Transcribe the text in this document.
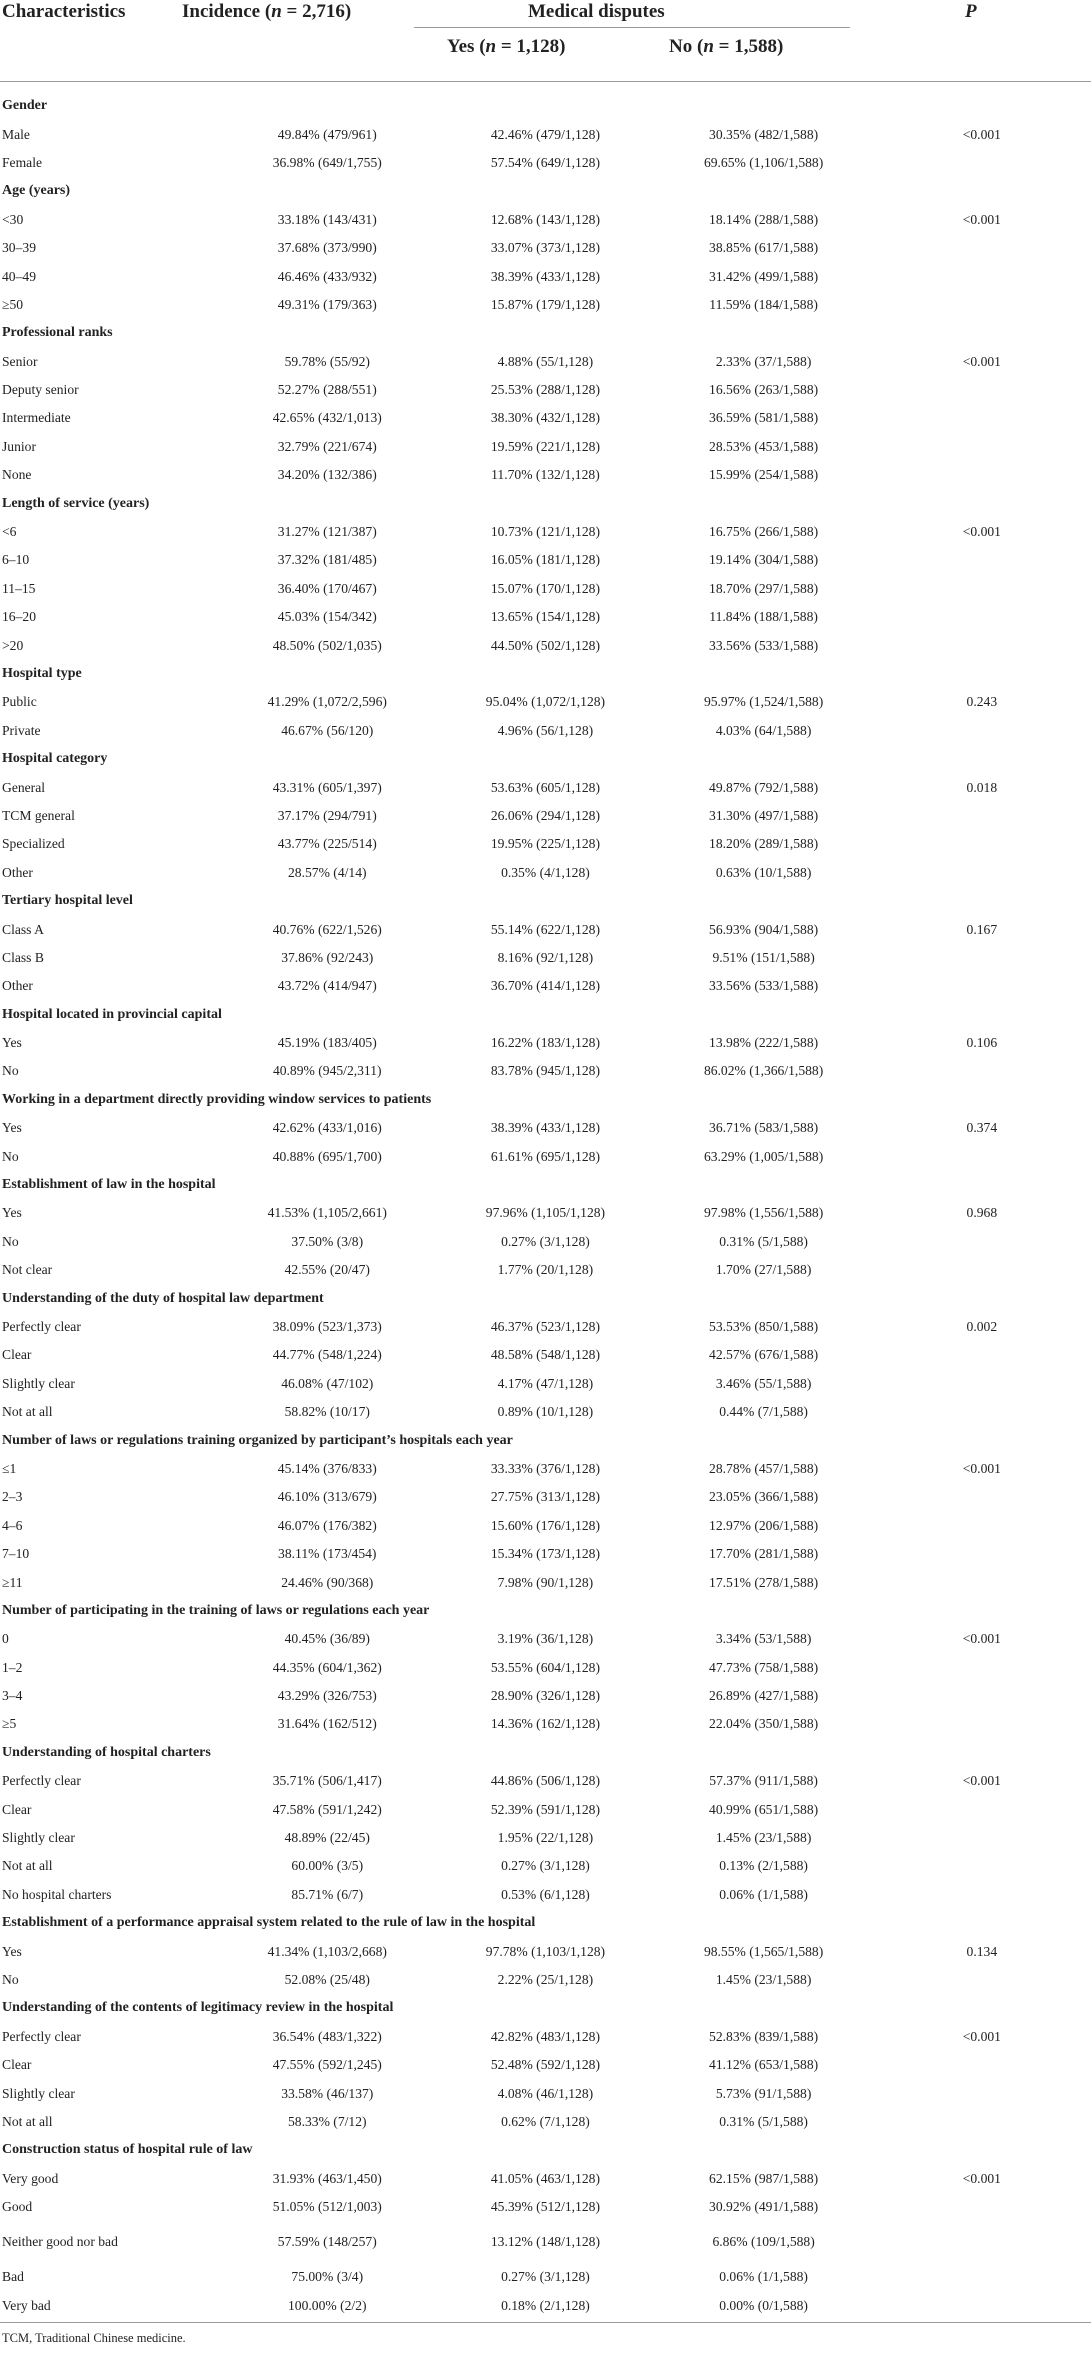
Characteristics	Incidence (n = 2,716)	Medical disputes
Yes (n = 1,128)	No (n = 1,588)
P
Gender				
Male	49.84% (479/961)	42.46% (479/1,128)	30.35% (482/1,588)	<0.001
Female	36.98% (649/1,755)	57.54% (649/1,128)	69.65% (1,106/1,588)	
Age (years)				
<30	33.18% (143/431)	12.68% (143/1,128)	18.14% (288/1,588)	<0.001
30–39	37.68% (373/990)	33.07% (373/1,128)	38.85% (617/1,588)	
40–49	46.46% (433/932)	38.39% (433/1,128)	31.42% (499/1,588)	
≥50	49.31% (179/363)	15.87% (179/1,128)	11.59% (184/1,588)	
Professional ranks				
Senior	59.78% (55/92)	4.88% (55/1,128)	2.33% (37/1,588)	<0.001
Deputy senior	52.27% (288/551)	25.53% (288/1,128)	16.56% (263/1,588)	
Intermediate	42.65% (432/1,013)	38.30% (432/1,128)	36.59% (581/1,588)	
Junior	32.79% (221/674)	19.59% (221/1,128)	28.53% (453/1,588)	
None	34.20% (132/386)	11.70% (132/1,128)	15.99% (254/1,588)	
Length of service (years)				
<6	31.27% (121/387)	10.73% (121/1,128)	16.75% (266/1,588)	<0.001
6–10	37.32% (181/485)	16.05% (181/1,128)	19.14% (304/1,588)	
11–15	36.40% (170/467)	15.07% (170/1,128)	18.70% (297/1,588)	
16–20	45.03% (154/342)	13.65% (154/1,128)	11.84% (188/1,588)	
>20	48.50% (502/1,035)	44.50% (502/1,128)	33.56% (533/1,588)	
Hospital type				
Public	41.29% (1,072/2,596)	95.04% (1,072/1,128)	95.97% (1,524/1,588)	0.243
Private	46.67% (56/120)	4.96% (56/1,128)	4.03% (64/1,588)	
Hospital category				
General	43.31% (605/1,397)	53.63% (605/1,128)	49.87% (792/1,588)	0.018
TCM general	37.17% (294/791)	26.06% (294/1,128)	31.30% (497/1,588)	
Specialized	43.77% (225/514)	19.95% (225/1,128)	18.20% (289/1,588)	
Other	28.57% (4/14)	0.35% (4/1,128)	0.63% (10/1,588)	
Tertiary hospital level				
Class A	40.76% (622/1,526)	55.14% (622/1,128)	56.93% (904/1,588)	0.167
Class B	37.86% (92/243)	8.16% (92/1,128)	9.51% (151/1,588)	
Other	43.72% (414/947)	36.70% (414/1,128)	33.56% (533/1,588)	
Hospital located in provincial capital				
Yes	45.19% (183/405)	16.22% (183/1,128)	13.98% (222/1,588)	0.106
No	40.89% (945/2,311)	83.78% (945/1,128)	86.02% (1,366/1,588)	
Working in a department directly providing window services to patients				
Yes	42.62% (433/1,016)	38.39% (433/1,128)	36.71% (583/1,588)	0.374
No	40.88% (695/1,700)	61.61% (695/1,128)	63.29% (1,005/1,588)	
Establishment of law in the hospital				
Yes	41.53% (1,105/2,661)	97.96% (1,105/1,128)	97.98% (1,556/1,588)	0.968
No	37.50% (3/8)	0.27% (3/1,128)	0.31% (5/1,588)	
Not clear	42.55% (20/47)	1.77% (20/1,128)	1.70% (27/1,588)	
Understanding of the duty of hospital law department				
Perfectly clear	38.09% (523/1,373)	46.37% (523/1,128)	53.53% (850/1,588)	0.002
Clear	44.77% (548/1,224)	48.58% (548/1,128)	42.57% (676/1,588)	
Slightly clear	46.08% (47/102)	4.17% (47/1,128)	3.46% (55/1,588)	
Not at all	58.82% (10/17)	0.89% (10/1,128)	0.44% (7/1,588)	
Number of laws or regulations training organized by participant’s hospitals each year				
≤1	45.14% (376/833)	33.33% (376/1,128)	28.78% (457/1,588)	<0.001
2–3	46.10% (313/679)	27.75% (313/1,128)	23.05% (366/1,588)	
4–6	46.07% (176/382)	15.60% (176/1,128)	12.97% (206/1,588)	
7–10	38.11% (173/454)	15.34% (173/1,128)	17.70% (281/1,588)	
≥11	24.46% (90/368)	7.98% (90/1,128)	17.51% (278/1,588)	
Number of participating in the training of laws or regulations each year				
0	40.45% (36/89)	3.19% (36/1,128)	3.34% (53/1,588)	<0.001
1–2	44.35% (604/1,362)	53.55% (604/1,128)	47.73% (758/1,588)	
3–4	43.29% (326/753)	28.90% (326/1,128)	26.89% (427/1,588)	
≥5	31.64% (162/512)	14.36% (162/1,128)	22.04% (350/1,588)	
Understanding of hospital charters				
Perfectly clear	35.71% (506/1,417)	44.86% (506/1,128)	57.37% (911/1,588)	<0.001
Clear	47.58% (591/1,242)	52.39% (591/1,128)	40.99% (651/1,588)	
Slightly clear	48.89% (22/45)	1.95% (22/1,128)	1.45% (23/1,588)	
Not at all	60.00% (3/5)	0.27% (3/1,128)	0.13% (2/1,588)	
No hospital charters	85.71% (6/7)	0.53% (6/1,128)	0.06% (1/1,588)	
Establishment of a performance appraisal system related to the rule of law in the hospital				
Yes	41.34% (1,103/2,668)	97.78% (1,103/1,128)	98.55% (1,565/1,588)	0.134
No	52.08% (25/48)	2.22% (25/1,128)	1.45% (23/1,588)	
Understanding of the contents of legitimacy review in the hospital				
Perfectly clear	36.54% (483/1,322)	42.82% (483/1,128)	52.83% (839/1,588)	<0.001
Clear	47.55% (592/1,245)	52.48% (592/1,128)	41.12% (653/1,588)	
Slightly clear	33.58% (46/137)	4.08% (46/1,128)	5.73% (91/1,588)	
Not at all	58.33% (7/12)	0.62% (7/1,128)	0.31% (5/1,588)	
Construction status of hospital rule of law				
Very good	31.93% (463/1,450)	41.05% (463/1,128)	62.15% (987/1,588)	<0.001
Good	51.05% (512/1,003)	45.39% (512/1,128)	30.92% (491/1,588)	
Neither good nor bad	57.59% (148/257)	13.12% (148/1,128)	6.86% (109/1,588)	
Bad	75.00% (3/4)	0.27% (3/1,128)	0.06% (1/1,588)	
Very bad	100.00% (2/2)	0.18% (2/1,128)	0.00% (0/1,588)	
TCM, Traditional Chinese medicine.
